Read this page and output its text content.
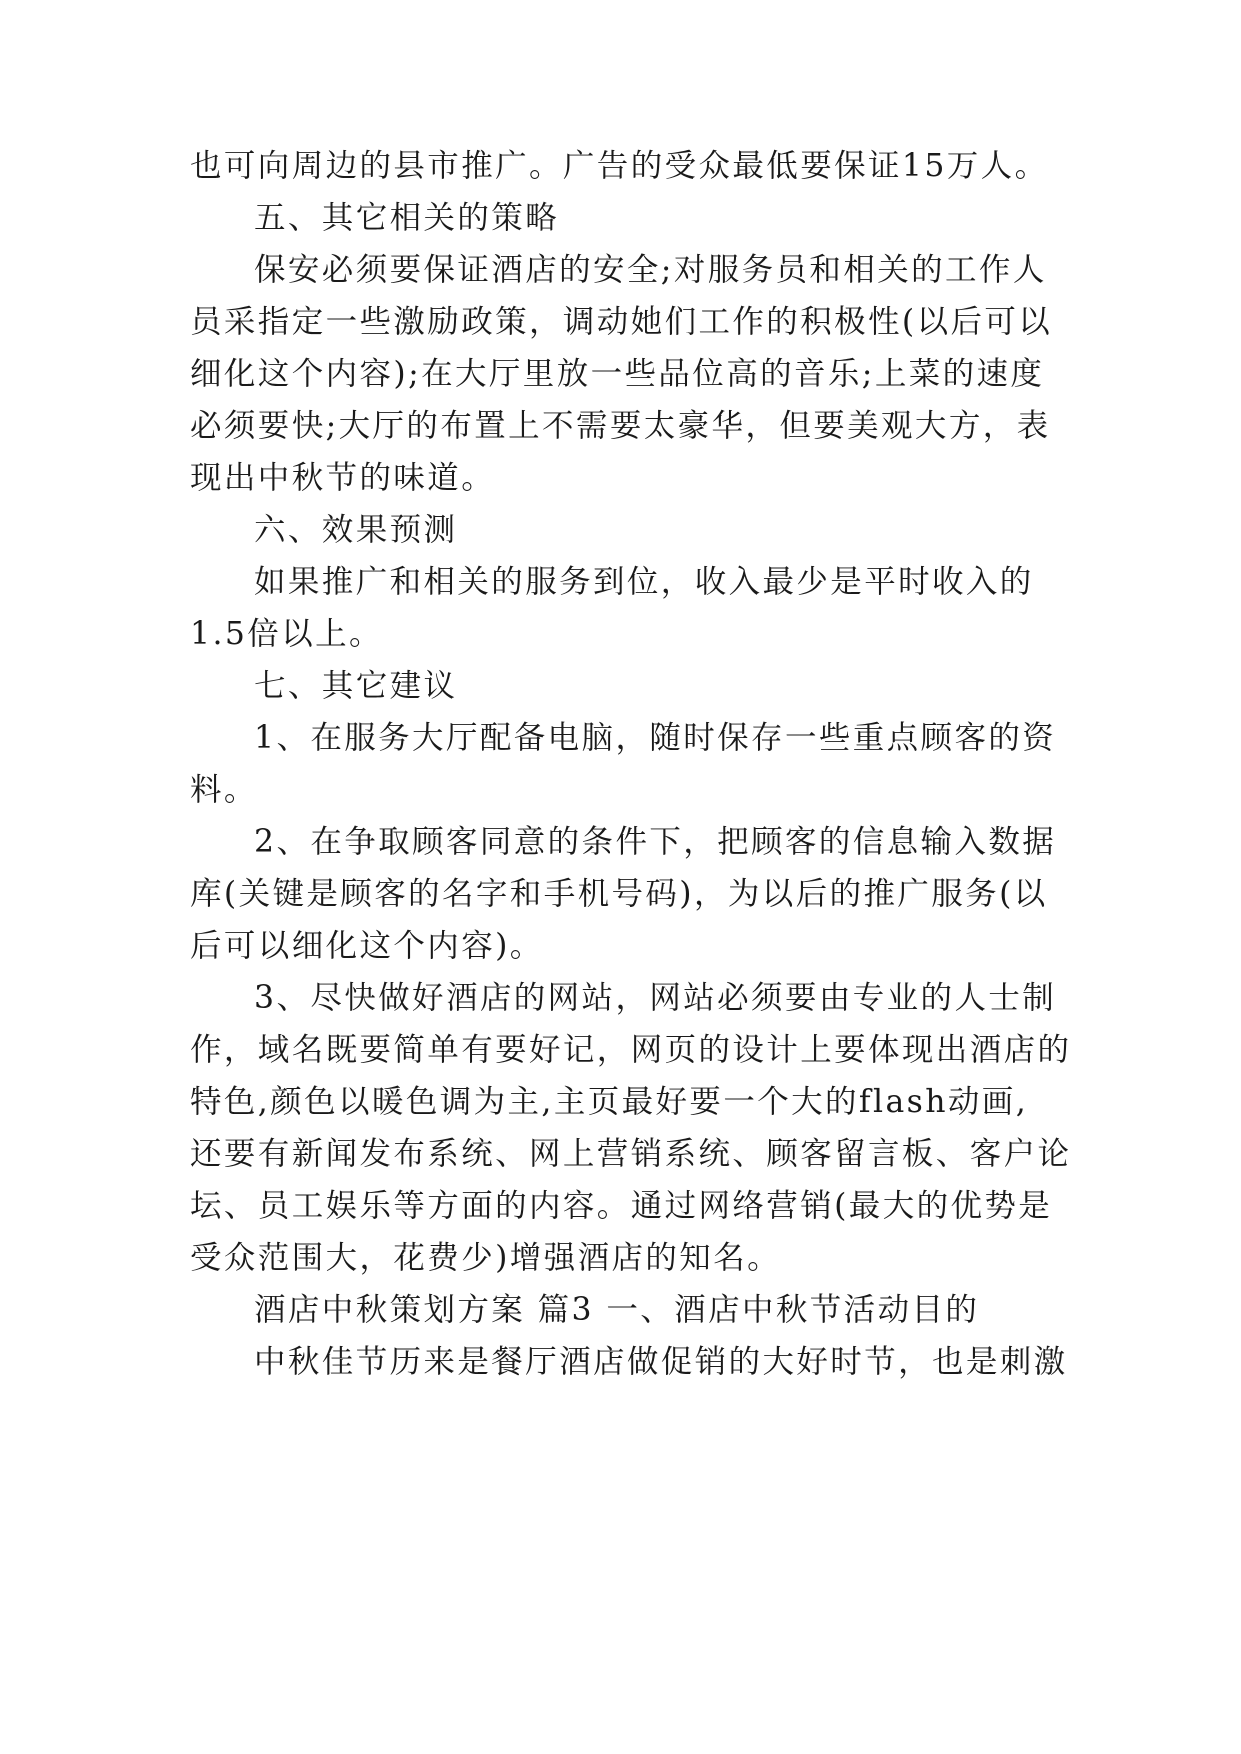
也可向周边的县市推广。广告的受众最低要保证15万人。
五、其它相关的策略
保安必须要保证酒店的安全;对服务员和相关的工作人
员采指定一些激励政策，调动她们工作的积极性(以后可以
细化这个内容);在大厅里放一些品位高的音乐;上菜的速度
必须要快;大厅的布置上不需要太豪华，但要美观大方，表
现出中秋节的味道。
六、效果预测
如果推广和相关的服务到位，收入最少是平时收入的
1.5倍以上。
七、其它建议
1、在服务大厅配备电脑，随时保存一些重点顾客的资
料。
2、在争取顾客同意的条件下，把顾客的信息输入数据
库(关键是顾客的名字和手机号码)，为以后的推广服务(以
后可以细化这个内容)。
3、尽快做好酒店的网站，网站必须要由专业的人士制
作，域名既要简单有要好记，网页的设计上要体现出酒店的
特色,颜色以暖色调为主,主页最好要一个大的flash动画,
还要有新闻发布系统、网上营销系统、顾客留言板、客户论
坛、员工娱乐等方面的内容。通过网络营销(最大的优势是
受众范围大，花费少)增强酒店的知名。
酒店中秋策划方案 篇3 一、酒店中秋节活动目的
中秋佳节历来是餐厅酒店做促销的大好时节，也是刺激
